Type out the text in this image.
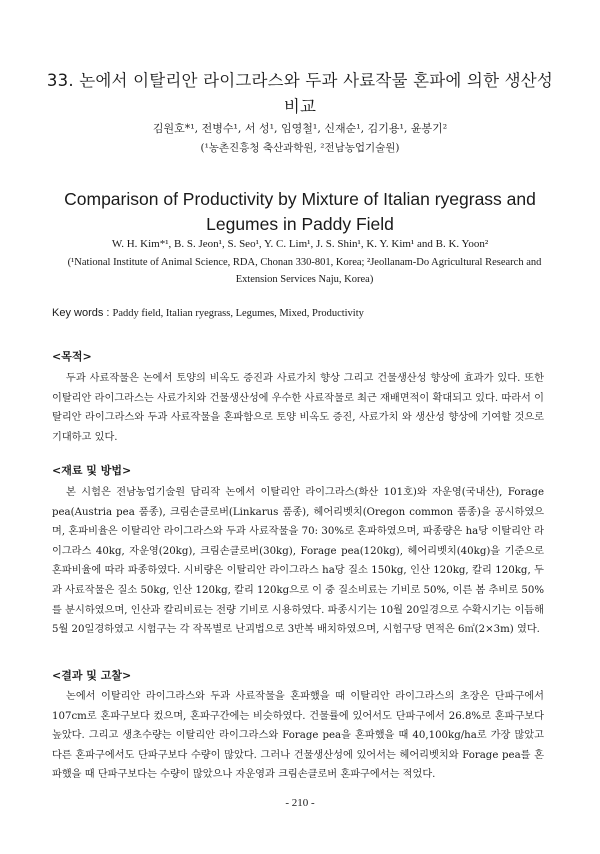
33. 논에서 이탈리안 라이그라스와 두과 사료작물 혼파에 의한 생산성 비교
김원호*¹, 전병수¹, 서 성¹, 임영철¹, 신재순¹, 김기용¹, 윤봉기²
(¹농촌진흥청 축산과학원, ²전남농업기술원)
Comparison of Productivity by Mixture of Italian ryegrass and Legumes in Paddy Field
W. H. Kim*¹, B. S. Jeon¹, S. Seo¹, Y. C. Lim¹, J. S. Shin¹, K. Y. Kim¹ and B. K. Yoon²
(¹National Institute of Animal Science, RDA, Chonan 330-801, Korea; ²Jeollanam-Do Agricultural Research and Extension Services Naju, Korea)
Key words : Paddy field, Italian ryegrass, Legumes, Mixed, Productivity
<목적>
두과 사료작물은 논에서 토양의 비옥도 증진과 사료가치 향상 그리고 건물생산성 향상에 효과가 있다. 또한 이탈리안 라이그라스는 사료가치와 건물생산성에 우수한 사료작물로 최근 재배면적이 확대되고 있다. 따라서 이탈리안 라이그라스와 두과 사료작물을 혼파함으로 토양 비옥도 증진, 사료가치 와 생산성 향상에 기여할 것으로 기대하고 있다.
<재료 및 방법>
본 시험은 전남농업기술원 담리작 논에서 이탈리안 라이그라스(화산 101호)와 자운영(국내산), Forage pea(Austria pea 품종), 크림손클로버(Linkarus 품종), 헤어리벳치(Oregon common 품종)을 공시하였으며, 혼파비율은 이탈리안 라이그라스와 두과 사료작물을 70: 30%로 혼파하였으며, 파종량은 ha당 이탈리안 라이그라스 40kg, 자운영(20kg), 크림손클로버(30kg), Forage pea(120kg), 헤어리벳치(40kg)을 기준으로 혼파비율에 따라 파종하였다. 시비량은 이탈리안 라이그라스 ha당 질소 150kg, 인산 120kg, 칼리 120kg, 두과 사료작물은 질소 50kg, 인산 120kg, 칼리 120kg으로 이 중 질소비료는 기비로 50%, 이른 봄 추비로 50%를 분시하였으며, 인산과 칼리비료는 전량 기비로 시용하였다. 파종시기는 10월 20일경으로 수확시기는 이듬해 5월 20일경하였고 시험구는 각 작목별로 난괴법으로 3반복 배치하였으며, 시험구당 면적은 6㎡(2×3m) 였다.
<결과 및 고찰>
논에서 이탈리안 라이그라스와 두과 사료작물을 혼파했을 때 이탈리안 라이그라스의 초장은 단파구에서 107cm로 혼파구보다 컸으며, 혼파구간에는 비슷하였다. 건물률에 있어서도 단파구에서 26.8%로 혼파구보다 높았다. 그리고 생초수량는 이탈리안 라이그라스와 Forage pea을 혼파했을 때 40,100kg/ha로 가장 많았고 다른 혼파구에서도 단파구보다 수량이 많았다. 그러나 건물생산성에 있어서는 헤어리벳치와 Forage pea를 혼파했을 때 단파구보다는 수량이 많았으나 자운영과 크림손클로버 혼파구에서는 적었다.
- 210 -
